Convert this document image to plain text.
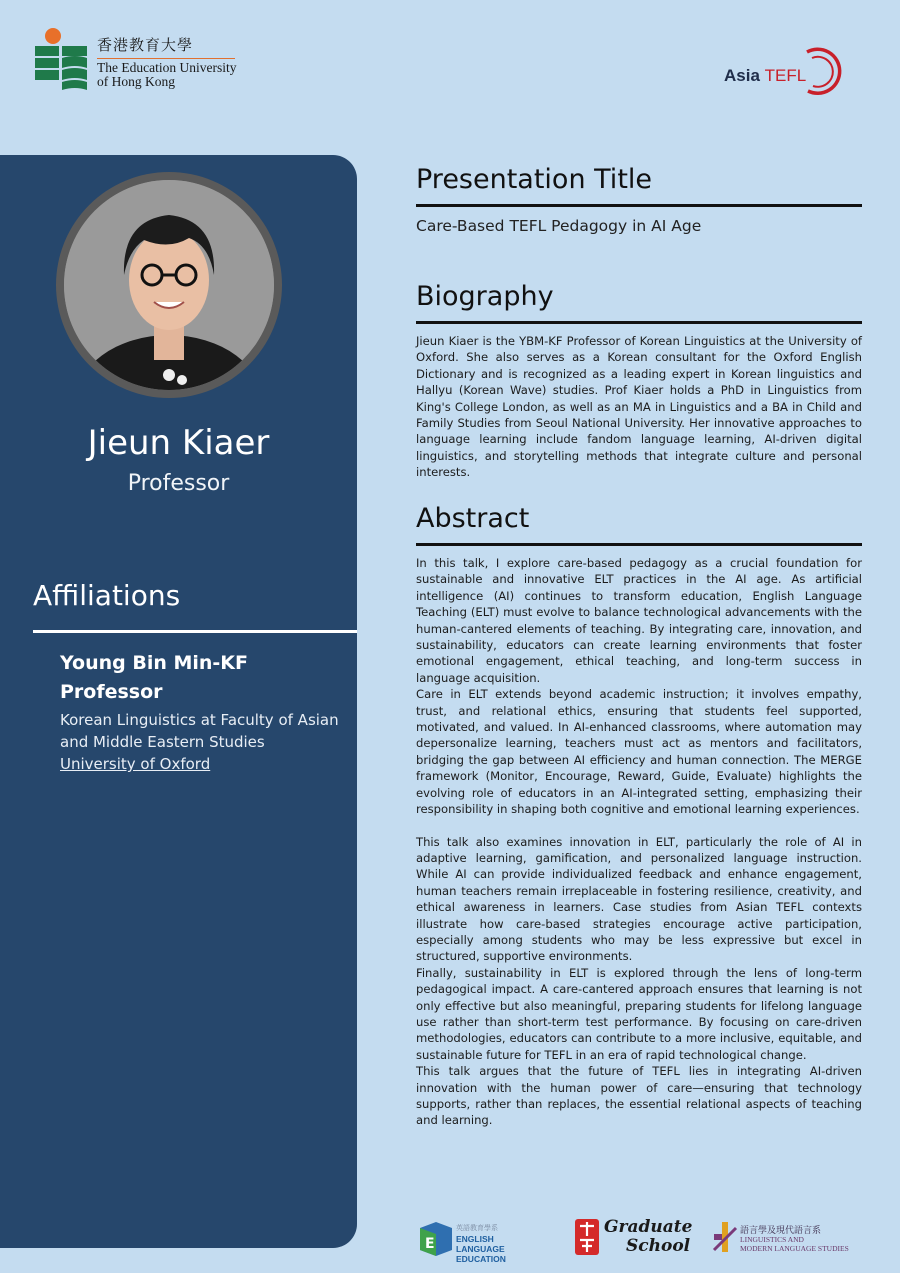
香港教育大學
The Education University
of Hong Kong	Asia TEFL
Jieun Kiaer
Professor
Affiliations
Young Bin Min-KF Professor
Korean Linguistics at Faculty of Asian and Middle Eastern Studies
University of Oxford
Presentation Title
Care-Based TEFL Pedagogy in AI Age
Biography

Jieun Kiaer is the YBM-KF Professor of Korean Linguistics at the University of Oxford. She also serves as a Korean consultant for the Oxford English Dictionary and is recognized as a leading expert in Korean linguistics and Hallyu (Korean Wave) studies. Prof Kiaer holds a PhD in Linguistics from King's College London, as well as an MA in Linguistics and a BA in Child and Family Studies from Seoul National University. Her innovative approaches to language learning include fandom language learning, AI-driven digital linguistics, and storytelling methods that integrate culture and personal interests.

Abstract

In this talk, I explore care-based pedagogy as a crucial foundation for sustainable and innovative ELT practices in the AI age. As artificial intelligence (AI) continues to transform education, English Language Teaching (ELT) must evolve to balance technological advancements with the human-cantered elements of teaching. By integrating care, innovation, and sustainability, educators can create learning environments that foster emotional engagement, ethical teaching, and long-term success in language acquisition.

Care in ELT extends beyond academic instruction; it involves empathy, trust, and relational ethics, ensuring that students feel supported, motivated, and valued. In AI-enhanced classrooms, where automation may depersonalize learning, teachers must act as mentors and facilitators, bridging the gap between AI efficiency and human connection. The MERGE framework (Monitor, Encourage, Reward, Guide, Evaluate) highlights the evolving role of educators in an AI-integrated setting, emphasizing their responsibility in shaping both cognitive and emotional learning experiences.

This talk also examines innovation in ELT, particularly the role of AI in adaptive learning, gamification, and personalized language instruction. While AI can provide individualized feedback and enhance engagement, human teachers remain irreplaceable in fostering resilience, creativity, and ethical awareness in learners. Case studies from Asian TEFL contexts illustrate how care-based strategies encourage active participation, especially among students who may be less expressive but excel in structured, supportive environments.

Finally, sustainability in ELT is explored through the lens of long-term pedagogical impact. A care-cantered approach ensures that learning is not only effective but also meaningful, preparing students for lifelong language use rather than short-term test performance. By focusing on care-driven methodologies, educators can contribute to a more inclusive, equitable, and sustainable future for TEFL in an era of rapid technological change.

This talk argues that the future of TEFL lies in integrating AI-driven innovation with the human power of care—ensuring that technology supports, rather than replaces, the essential relational aspects of teaching and learning.

E
英語教育學系
ENGLISH LANGUAGE
EDUCATION
Graduate
School
語言學及現代語言系
LINGUISTICS AND
MODERN LANGUAGE STUDIES
